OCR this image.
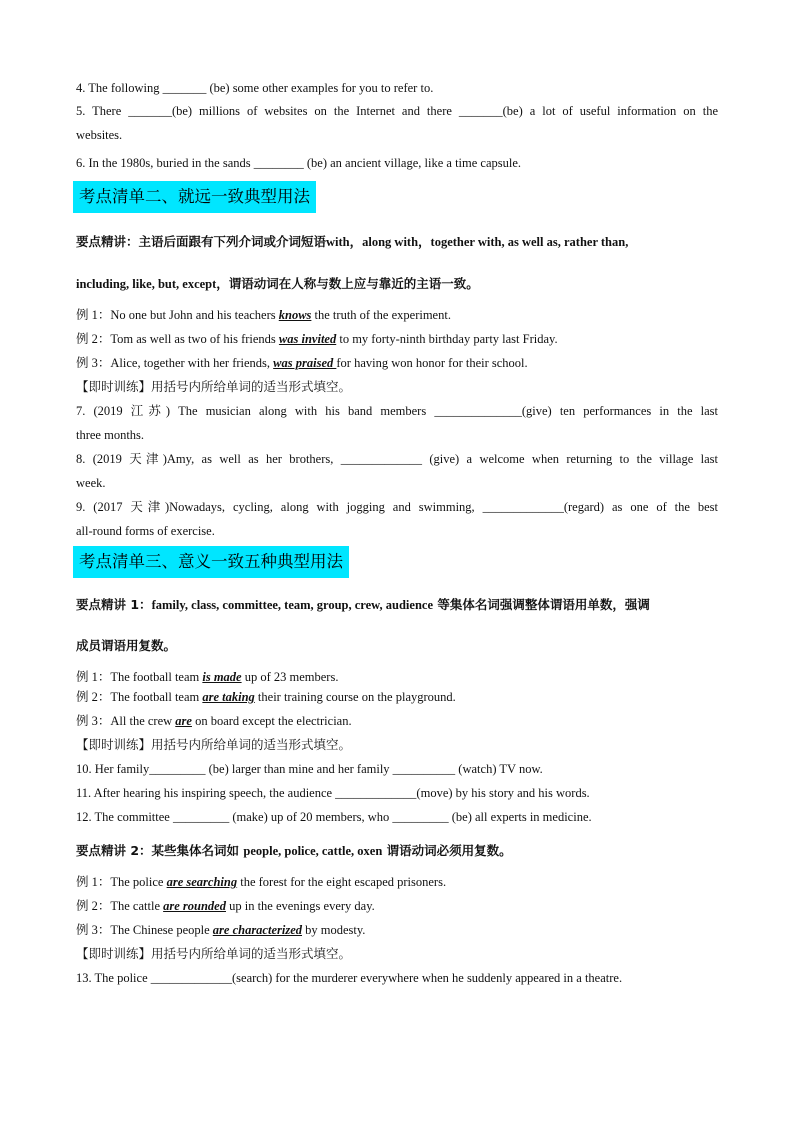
4. The following _______ (be) some other examples for you to refer to.
5. There _______(be) millions of websites on the Internet and there _______(be) a lot of useful information on the
websites.
6. In the 1980s, buried in the sands ________ (be) an ancient village, like a time capsule.
考点清单二、就远一致典型用法
要点精讲：主语后面跟有下列介词或介词短语with，along with，together with, as well as, rather than,
including, like, but, except，谓语动词在人称与数上应与靠近的主语一致。
例 1：No one but John and his teachers knows the truth of the experiment.
例 2：Tom as well as two of his friends was invited to my forty-ninth birthday party last Friday.
例 3：Alice, together with her friends, was praised for having won honor for their school.
【即时训练】用括号内所给单词的适当形式填空。
7. (2019 江苏) The musician along with his band members ______________(give) ten performances in the last
three months.
8. (2019 天津)Amy, as well as her brothers, _____________ (give) a welcome when returning to the village last
week.
9. (2017 天津)Nowadays, cycling, along with jogging and swimming, _____________(regard) as one of the best
all-round forms of exercise.
考点清单三、意义一致五种典型用法
要点精讲 1：family, class, committee, team, group, crew, audience 等集体名词强调整体谓语用单数，强调
成员谓语用复数。
例 1：The football team is made up of 23 members.
例 2：The football team are taking their training course on the playground.
例 3：All the crew are on board except the electrician.
【即时训练】用括号内所给单词的适当形式填空。
10. Her family_________ (be) larger than mine and her family __________ (watch) TV now.
11. After hearing his inspiring speech, the audience _____________(move) by his story and his words.
12. The committee _________ (make) up of 20 members, who _________ (be) all experts in medicine.
要点精讲 2：某些集体名词如 people, police, cattle, oxen 谓语动词必须用复数。
例 1：The police are searching the forest for the eight escaped prisoners.
例 2：The cattle are rounded up in the evenings every day.
例 3：The Chinese people are characterized by modesty.
【即时训练】用括号内所给单词的适当形式填空。
13. The police _____________(search) for the murderer everywhere when he suddenly appeared in a theatre.
